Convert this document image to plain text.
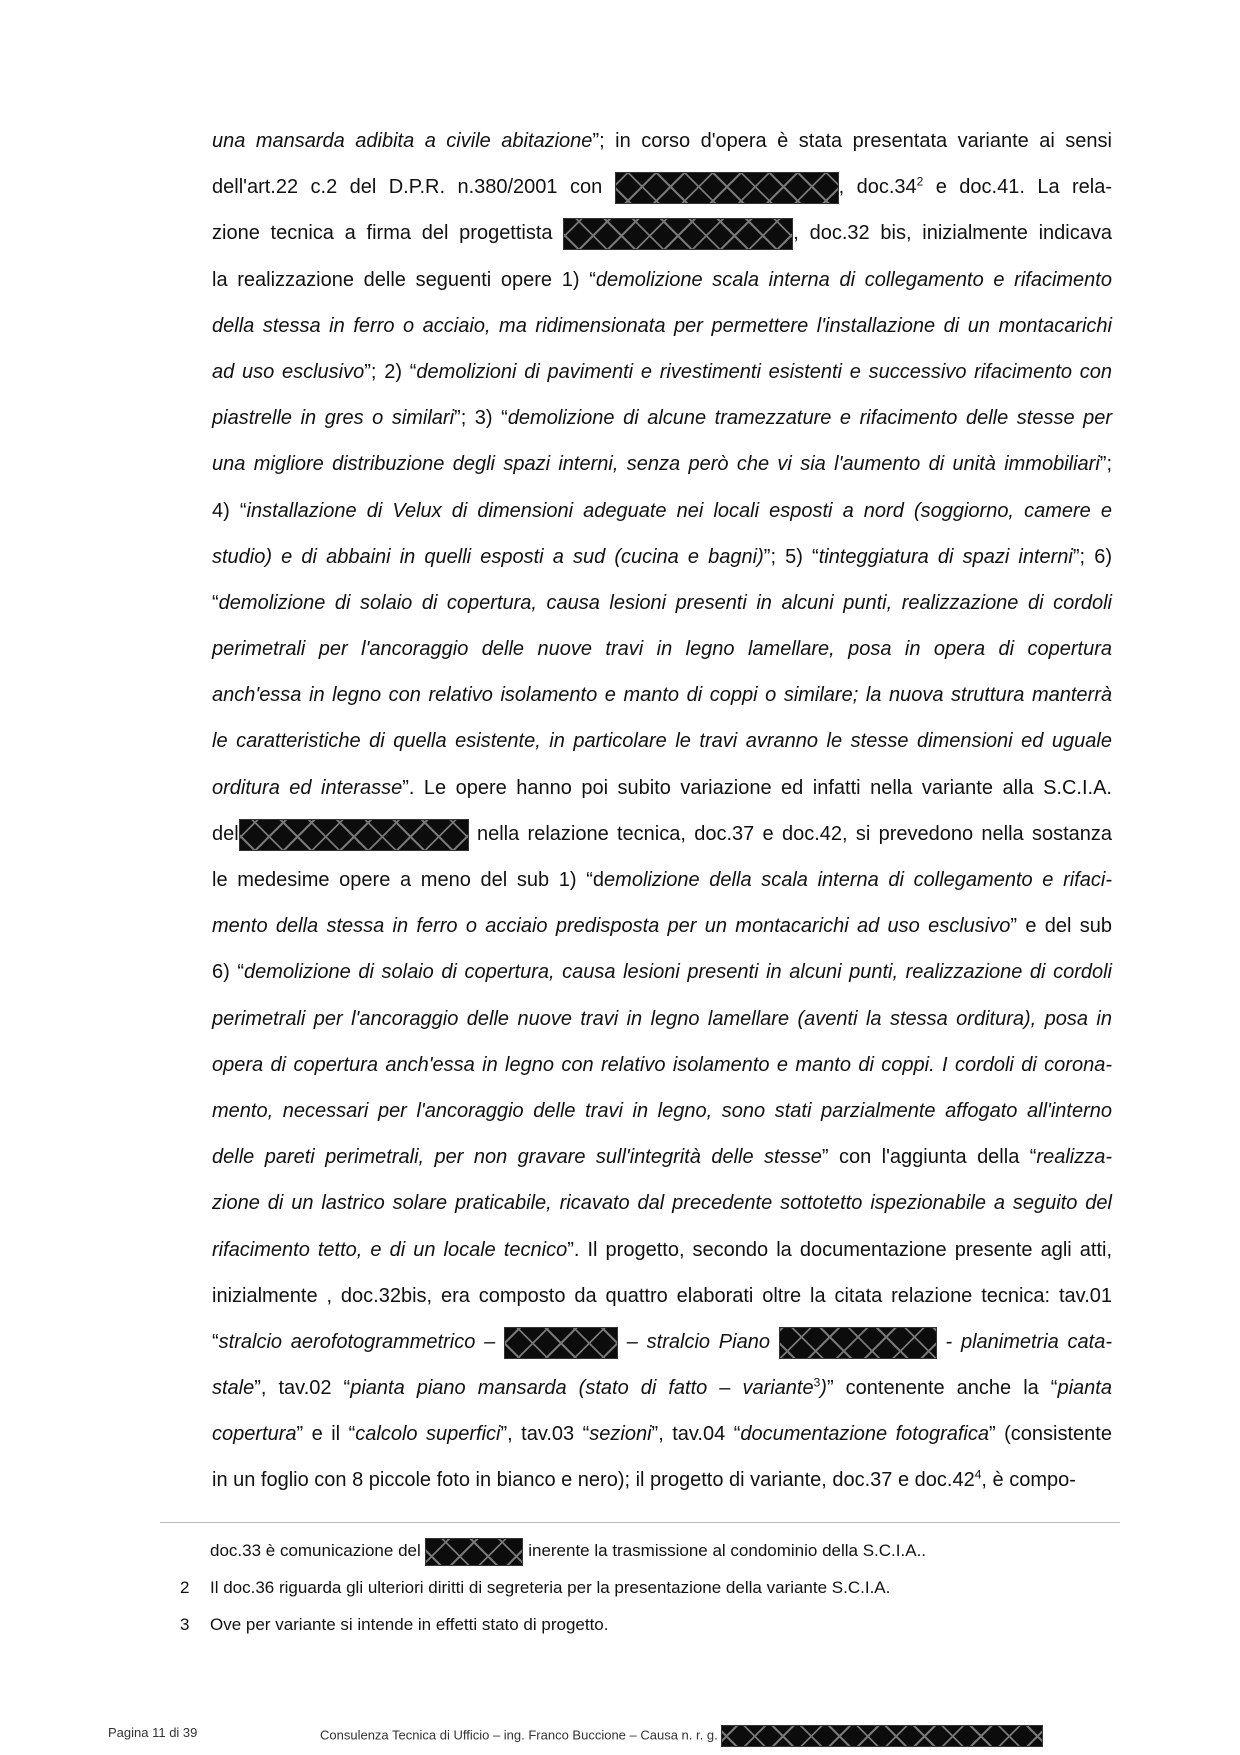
una mansarda adibita a civile abitazione”; in corso d'opera è stata presentata variante ai sensi
dell'art.22 c.2 del D.P.R. n.380/2001 con	, $doc.34^2$ e doc.41. La rela-
zione tecnica a firma del progettista	, doc.32 bis, inizialmente indicava
la realizzazione delle seguenti opere 1) “demolizione scala interna di collegamento e rifacimento
della stessa in ferro o acciaio, ma ridimensionata per permettere l'installazione di un montacarichi
ad uso esclusivo”; 2) “demolizioni di pavimenti e rivestimenti esistenti e successivo rifacimento con
piastrelle in gres o similari”; 3) “demolizione di alcune tramezzature e rifacimento delle stesse per
una migliore distribuzione degli spazi interni, senza però che vi sia l'aumento di unità immobiliari”;
4) “installazione di Velux di dimensioni adeguate nei locali esposti a nord (soggiorno, camere e
studio) e di abbaini in quelli esposti a sud (cucina e bagni)”; 5) “tinteggiatura di spazi interni”; 6)
“demolizione di solaio di copertura, causa lesioni presenti in alcuni punti, realizzazione di cordoli
perimetrali per l'ancoraggio delle nuove travi in legno lamellare, posa in opera di copertura
anch'essa in legno con relativo isolamento e manto di coppi o similare; la nuova struttura manterrà
le caratteristiche di quella esistente, in particolare le travi avranno le stesse dimensioni ed uguale
orditura ed interasse”. Le opere hanno poi subito variazione ed infatti nella variante alla S.C.I.A.
del	nella relazione tecnica, doc.37 e doc.42, si prevedono nella sostanza
le medesime opere a meno del sub 1) “demolizione della scala interna di collegamento e rifaci-
mento della stessa in ferro o acciaio predisposta per un montacarichi ad uso esclusivo” e del sub
6) “demolizione di solaio di copertura, causa lesioni presenti in alcuni punti, realizzazione di cordoli
perimetrali per l'ancoraggio delle nuove travi in legno lamellare (aventi la stessa orditura), posa in
opera di copertura anch'essa in legno con relativo isolamento e manto di coppi. I cordoli di corona-
mento, necessari per l'ancoraggio delle travi in legno, sono stati parzialmente affogato all'interno
delle pareti perimetrali, per non gravare sull'integrità delle stesse” con l'aggiunta della “realizza-
zione di un lastrico solare praticabile, ricavato dal precedente sottotetto ispezionabile a seguito del
rifacimento tetto, e di un locale tecnico”. Il progetto, secondo la documentazione presente agli atti,
inizialmente , doc.32bis, era composto da quattro elaborati oltre la citata relazione tecnica: tav.01
“stralcio aerofotogrammetrico –	– stralcio Piano	- planimetria cata-
stale”, tav.02 “pianta piano mansarda (stato di fatto – variante$^3$)” contenente anche la “pianta
copertura” e il “calcolo superfici”, tav.03 “sezioni”, tav.04 “documentazione fotografica” (consistente
in un foglio con 8 piccole foto in bianco e nero); il progetto di variante, doc.37 e $doc.42^4$, è compo-
doc.33 è comunicazione del	inerente la trasmissione al condominio della S.C.I.A..
2 Il doc.36 riguarda gli ulteriori diritti di segreteria per la presentazione della variante S.C.I.A.
3 Ove per variante si intende in effetti stato di progetto.
Pagina 11 di 39	Consulenza Tecnica di Ufficio – ing. Franco Buccione – Causa n. r. g.
